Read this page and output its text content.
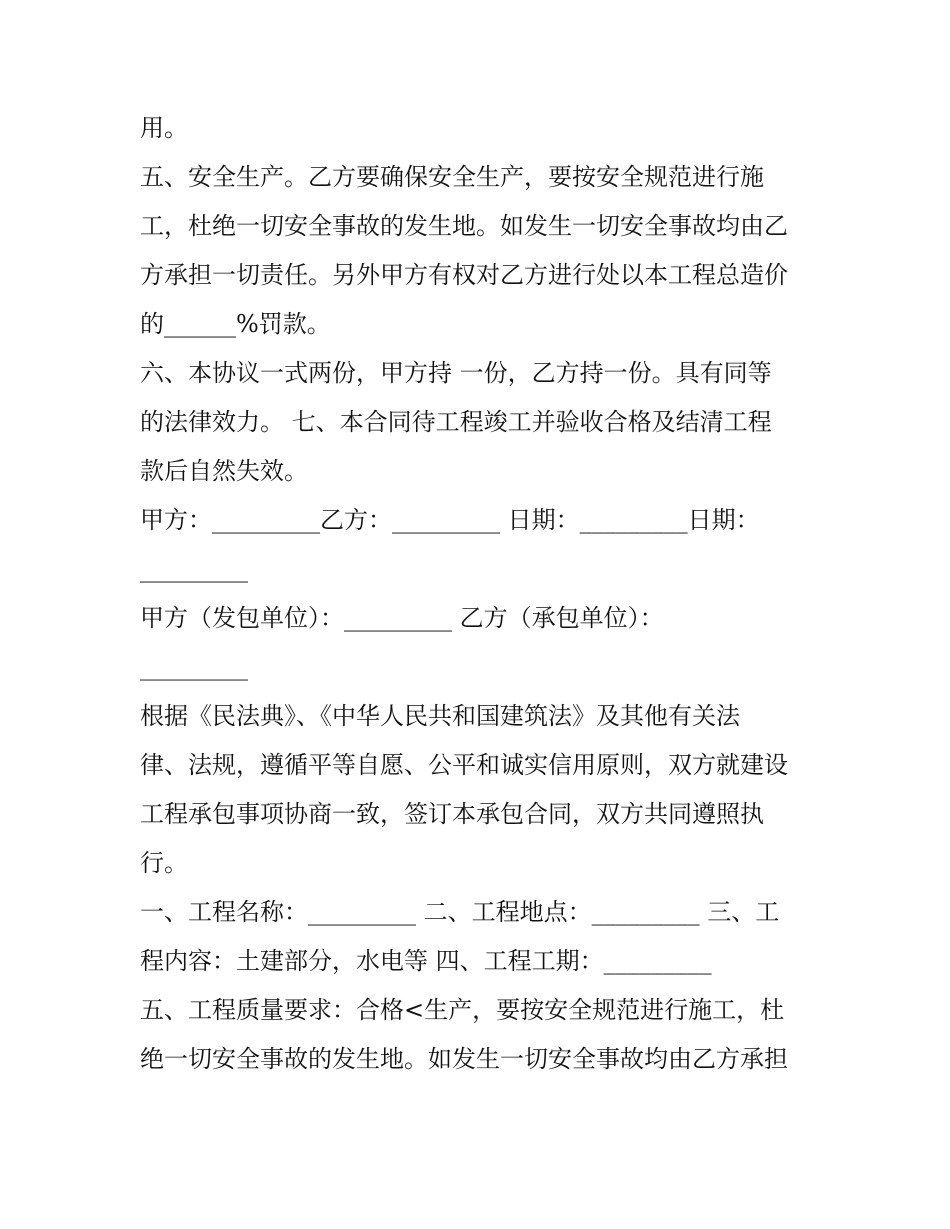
用。
五、安全生产。乙方要确保安全生产，要按安全规范进行施
工，杜绝一切安全事故的发生地。如发生一切安全事故均由乙
方承担一切责任。另外甲方有权对乙方进行处以本工程总造价
的______%罚款。
六、本协议一式两份，甲方持 一份，乙方持一份。具有同等
的法律效力。 七、本合同待工程竣工并验收合格及结清工程
款后自然失效。
甲方：_________乙方：_________ 日期：_________日期：
_________
甲方（发包单位）：_________ 乙方（承包单位）：
_________
根据《民法典》、《中华人民共和国建筑法》及其他有关法
律、法规，遵循平等自愿、公平和诚实信用原则，双方就建设
工程承包事项协商一致，签订本承包合同，双方共同遵照执
行。
一、工程名称：_________ 二、工程地点：_________ 三、工
程内容：土建部分，水电等 四、工程工期：_________
五、工程质量要求：合格<生产，要按安全规范进行施工，杜
绝一切安全事故的发生地。如发生一切安全事故均由乙方承担
